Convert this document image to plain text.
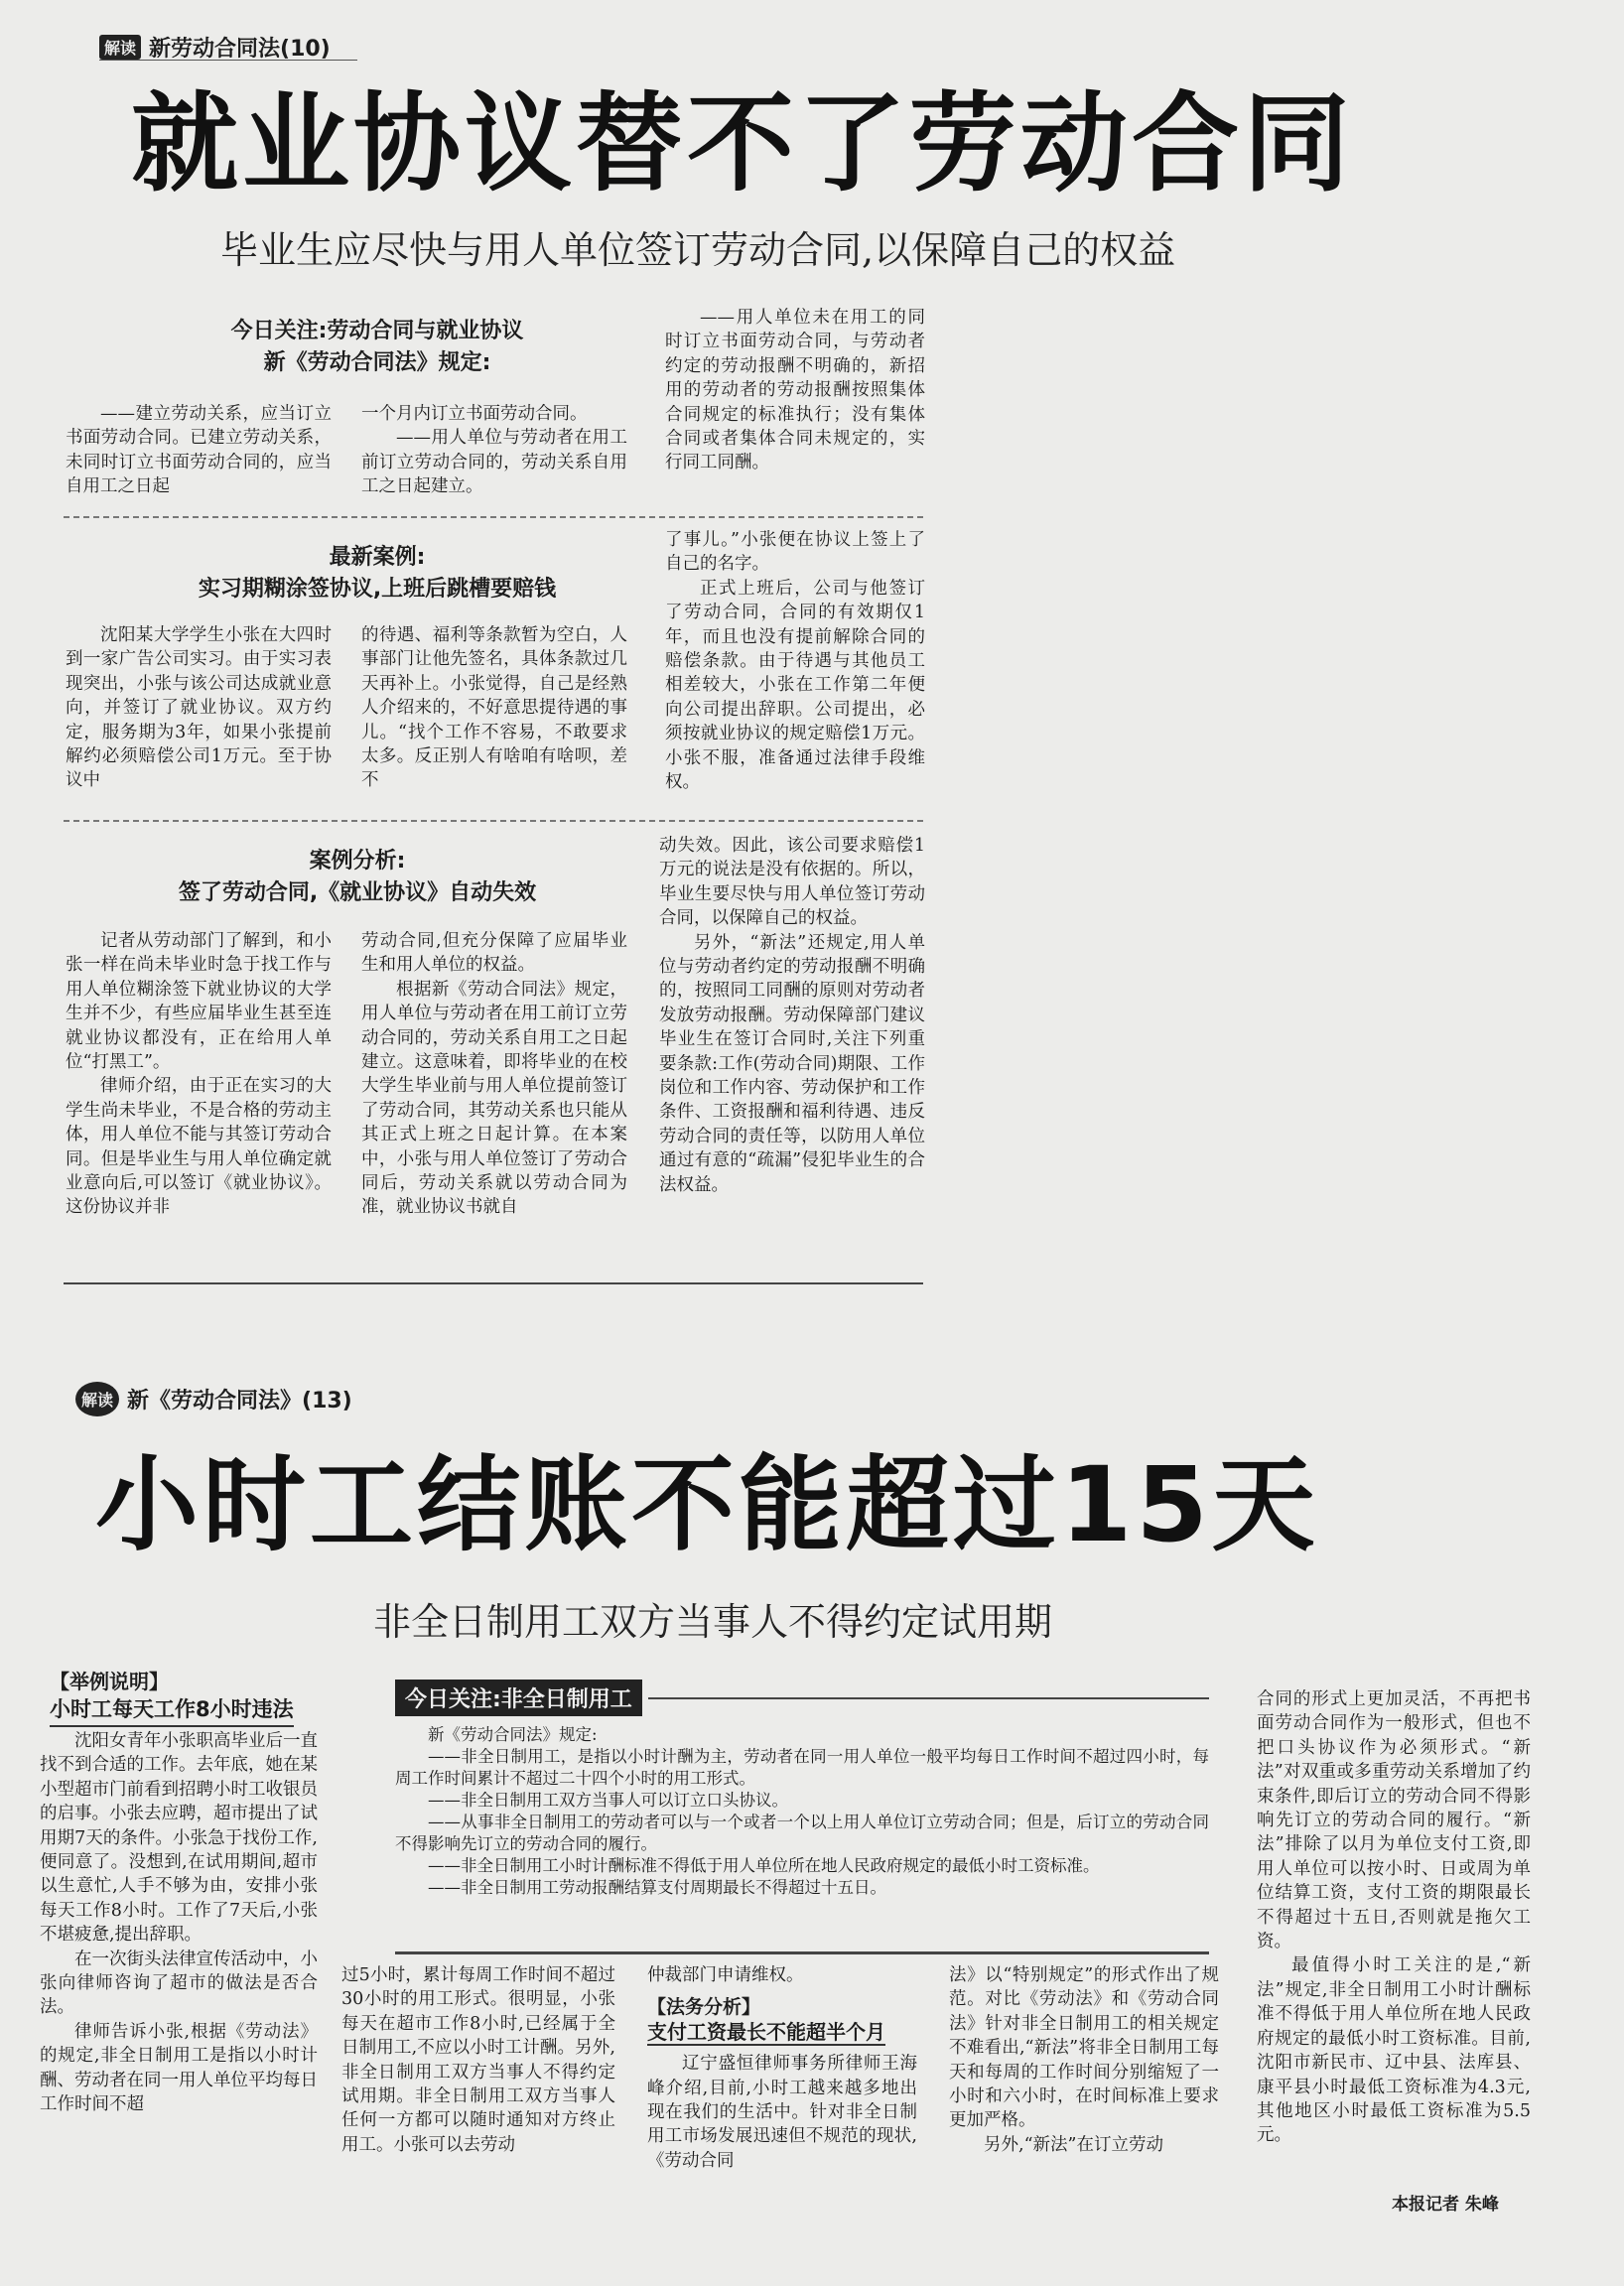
解读 新劳动合同法(10)
就业协议替不了劳动合同
毕业生应尽快与用人单位签订劳动合同,以保障自己的权益
今日关注:劳动合同与就业协议
新《劳动合同法》规定:

——建立劳动关系，应当订立书面劳动合同。已建立劳动关系，未同时订立书面劳动合同的，应当自用工之日起

一个月内订立书面劳动合同。

——用人单位与劳动者在用工前订立劳动合同的，劳动关系自用工之日起建立。

——用人单位未在用工的同时订立书面劳动合同，与劳动者约定的劳动报酬不明确的，新招用的劳动者的劳动报酬按照集体合同规定的标准执行；没有集体合同或者集体合同未规定的，实行同工同酬。

最新案例:
实习期糊涂签协议,上班后跳槽要赔钱

沈阳某大学学生小张在大四时到一家广告公司实习。由于实习表现突出，小张与该公司达成就业意向，并签订了就业协议。双方约定，服务期为3年，如果小张提前解约必须赔偿公司1万元。至于协议中

的待遇、福利等条款暂为空白，人事部门让他先签名，具体条款过几天再补上。小张觉得，自己是经熟人介绍来的，不好意思提待遇的事儿。“找个工作不容易，不敢要求太多。反正别人有啥咱有啥呗，差不

了事儿。”小张便在协议上签上了自己的名字。

正式上班后，公司与他签订了劳动合同，合同的有效期仅1年，而且也没有提前解除合同的赔偿条款。由于待遇与其他员工相差较大，小张在工作第二年便向公司提出辞职。公司提出，必须按就业协议的规定赔偿1万元。小张不服，准备通过法律手段维权。

案例分析:
签了劳动合同,《就业协议》自动失效

记者从劳动部门了解到，和小张一样在尚未毕业时急于找工作与用人单位糊涂签下就业协议的大学生并不少，有些应届毕业生甚至连就业协议都没有，正在给用人单位“打黑工”。

律师介绍，由于正在实习的大学生尚未毕业，不是合格的劳动主体，用人单位不能与其签订劳动合同。但是毕业生与用人单位确定就业意向后,可以签订《就业协议》。这份协议并非

劳动合同,但充分保障了应届毕业生和用人单位的权益。

根据新《劳动合同法》规定，用人单位与劳动者在用工前订立劳动合同的，劳动关系自用工之日起建立。这意味着，即将毕业的在校大学生毕业前与用人单位提前签订了劳动合同，其劳动关系也只能从其正式上班之日起计算。在本案中，小张与用人单位签订了劳动合同后，劳动关系就以劳动合同为准，就业协议书就自

动失效。因此，该公司要求赔偿1万元的说法是没有依据的。所以，毕业生要尽快与用人单位签订劳动合同，以保障自己的权益。

另外，“新法”还规定,用人单位与劳动者约定的劳动报酬不明确的，按照同工同酬的原则对劳动者发放劳动报酬。劳动保障部门建议毕业生在签订合同时,关注下列重要条款:工作(劳动合同)期限、工作岗位和工作内容、劳动保护和工作条件、工资报酬和福利待遇、违反劳动合同的责任等，以防用人单位通过有意的“疏漏”侵犯毕业生的合法权益。

解读 新《劳动合同法》(13)
小时工结账不能超过15天
非全日制用工双方当事人不得约定试用期
【举例说明】
小时工每天工作8小时违法

沈阳女青年小张职高毕业后一直找不到合适的工作。去年底，她在某小型超市门前看到招聘小时工收银员的启事。小张去应聘，超市提出了试用期7天的条件。小张急于找份工作,便同意了。没想到,在试用期间,超市以生意忙,人手不够为由，安排小张每天工作8小时。工作了7天后,小张不堪疲惫,提出辞职。

在一次街头法律宣传活动中，小张向律师咨询了超市的做法是否合法。

律师告诉小张,根据《劳动法》的规定,非全日制用工是指以小时计酬、劳动者在同一用人单位平均每日工作时间不超

今日关注:非全日制用工
新《劳动合同法》规定:
——非全日制用工，是指以小时计酬为主，劳动者在同一用人单位一般平均每日工作时间不超过四小时，每周工作时间累计不超过二十四个小时的用工形式。
——非全日制用工双方当事人可以订立口头协议。
——从事非全日制用工的劳动者可以与一个或者一个以上用人单位订立劳动合同；但是，后订立的劳动合同不得影响先订立的劳动合同的履行。
——非全日制用工小时计酬标准不得低于用人单位所在地人民政府规定的最低小时工资标准。
——非全日制用工劳动报酬结算支付周期最长不得超过十五日。

过5小时，累计每周工作时间不超过30小时的用工形式。很明显，小张每天在超市工作8小时,已经属于全日制用工,不应以小时工计酬。另外,非全日制用工双方当事人不得约定试用期。非全日制用工双方当事人任何一方都可以随时通知对方终止用工。小张可以去劳动

仲裁部门申请维权。

【法务分析】
支付工资最长不能超半个月

辽宁盛恒律师事务所律师王海峰介绍,目前,小时工越来越多地出现在我们的生活中。针对非全日制用工市场发展迅速但不规范的现状,《劳动合同

法》以“特别规定”的形式作出了规范。对比《劳动法》和《劳动合同法》针对非全日制用工的相关规定不难看出,“新法”将非全日制用工每天和每周的工作时间分别缩短了一小时和六小时，在时间标准上要求更加严格。

另外,“新法”在订立劳动

合同的形式上更加灵活，不再把书面劳动合同作为一般形式，但也不把口头协议作为必须形式。“新法”对双重或多重劳动关系增加了约束条件,即后订立的劳动合同不得影响先订立的劳动合同的履行。“新法”排除了以月为单位支付工资,即用人单位可以按小时、日或周为单位结算工资，支付工资的期限最长不得超过十五日,否则就是拖欠工资。

最值得小时工关注的是,“新法”规定,非全日制用工小时计酬标准不得低于用人单位所在地人民政府规定的最低小时工资标准。目前,沈阳市新民市、辽中县、法库县、康平县小时最低工资标准为4.3元,其他地区小时最低工资标准为5.5元。

本报记者 朱峰
